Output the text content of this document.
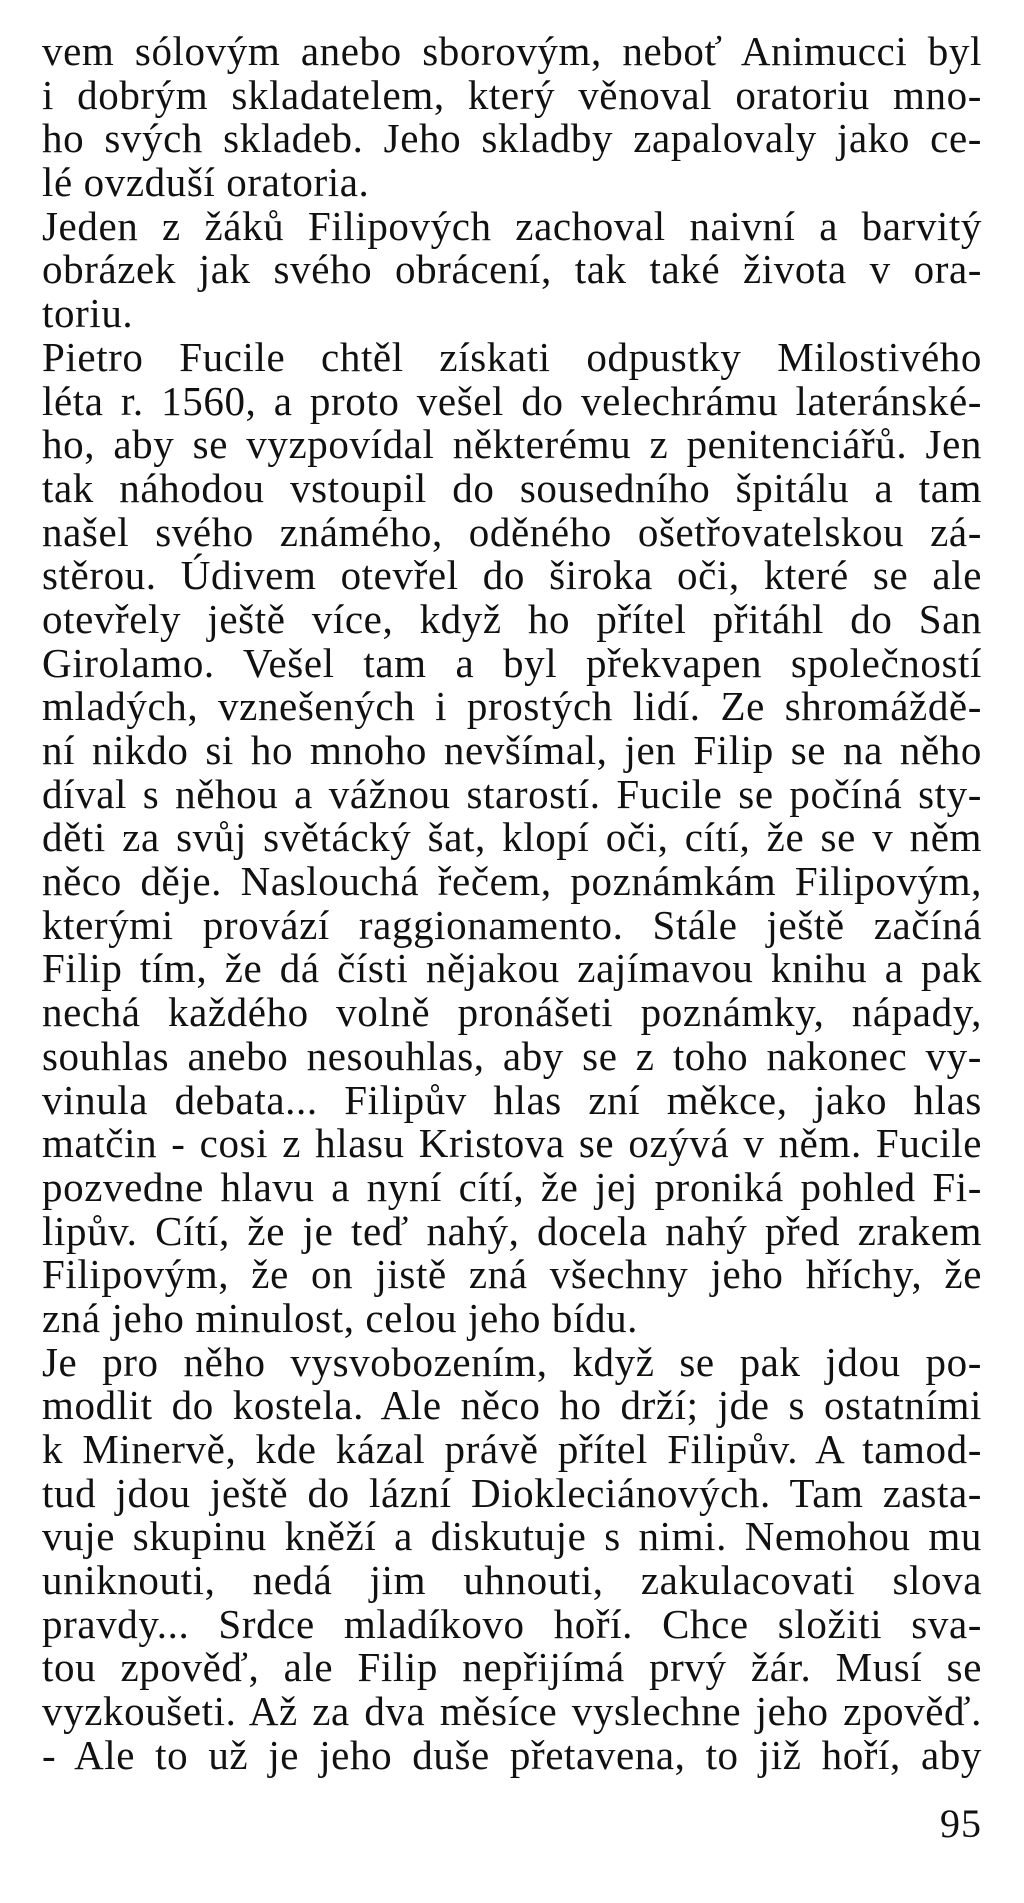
vem sólovým anebo sborovým, neboť Animucci byl
i dobrým skladatelem, který věnoval oratoriu mno-
ho svých skladeb. Jeho skladby zapalovaly jako ce-
lé ovzduší oratoria.
Jeden z žáků Filipových zachoval naivní a barvitý
obrázek jak svého obrácení, tak také života v ora-
toriu.
Pietro Fucile chtěl získati odpustky Milostivého
léta r. 1560, a proto vešel do velechrámu lateránské-
ho, aby se vyzpovídal některému z penitenciářů. Jen
tak náhodou vstoupil do sousedního špitálu a tam
našel svého známého, oděného ošetřovatelskou zá-
stěrou. Údivem otevřel do široka oči, které se ale
otevřely ještě více, když ho přítel přitáhl do San
Girolamo. Vešel tam a byl překvapen společností
mladých, vznešených i prostých lidí. Ze shromáždě-
ní nikdo si ho mnoho nevšímal, jen Filip se na něho
díval s něhou a vážnou starostí. Fucile se počíná sty-
děti za svůj světácký šat, klopí oči, cítí, že se v něm
něco děje. Naslouchá řečem, poznámkám Filipovým,
kterými provází raggionamento. Stále ještě začíná
Filip tím, že dá čísti nějakou zajímavou knihu a pak
nechá každého volně pronášeti poznámky, nápady,
souhlas anebo nesouhlas, aby se z toho nakonec vy-
vinula debata... Filipův hlas zní měkce, jako hlas
matčin - cosi z hlasu Kristova se ozývá v něm. Fucile
pozvedne hlavu a nyní cítí, že jej proniká pohled Fi-
lipův. Cítí, že je teď nahý, docela nahý před zrakem
Filipovým, že on jistě zná všechny jeho hříchy, že
zná jeho minulost, celou jeho bídu.
Je pro něho vysvobozením, když se pak jdou po-
modlit do kostela. Ale něco ho drží; jde s ostatními
k Minervě, kde kázal právě přítel Filipův. A tamod-
tud jdou ještě do lázní Diokleciánových. Tam zasta-
vuje skupinu kněží a diskutuje s nimi. Nemohou mu
uniknouti, nedá jim uhnouti, zakulacovati slova
pravdy... Srdce mladíkovo hoří. Chce složiti sva-
tou zpověď, ale Filip nepřijímá prvý žár. Musí se
vyzkoušeti. Až za dva měsíce vyslechne jeho zpověď.
- Ale to už je jeho duše přetavena, to již hoří, aby
95
